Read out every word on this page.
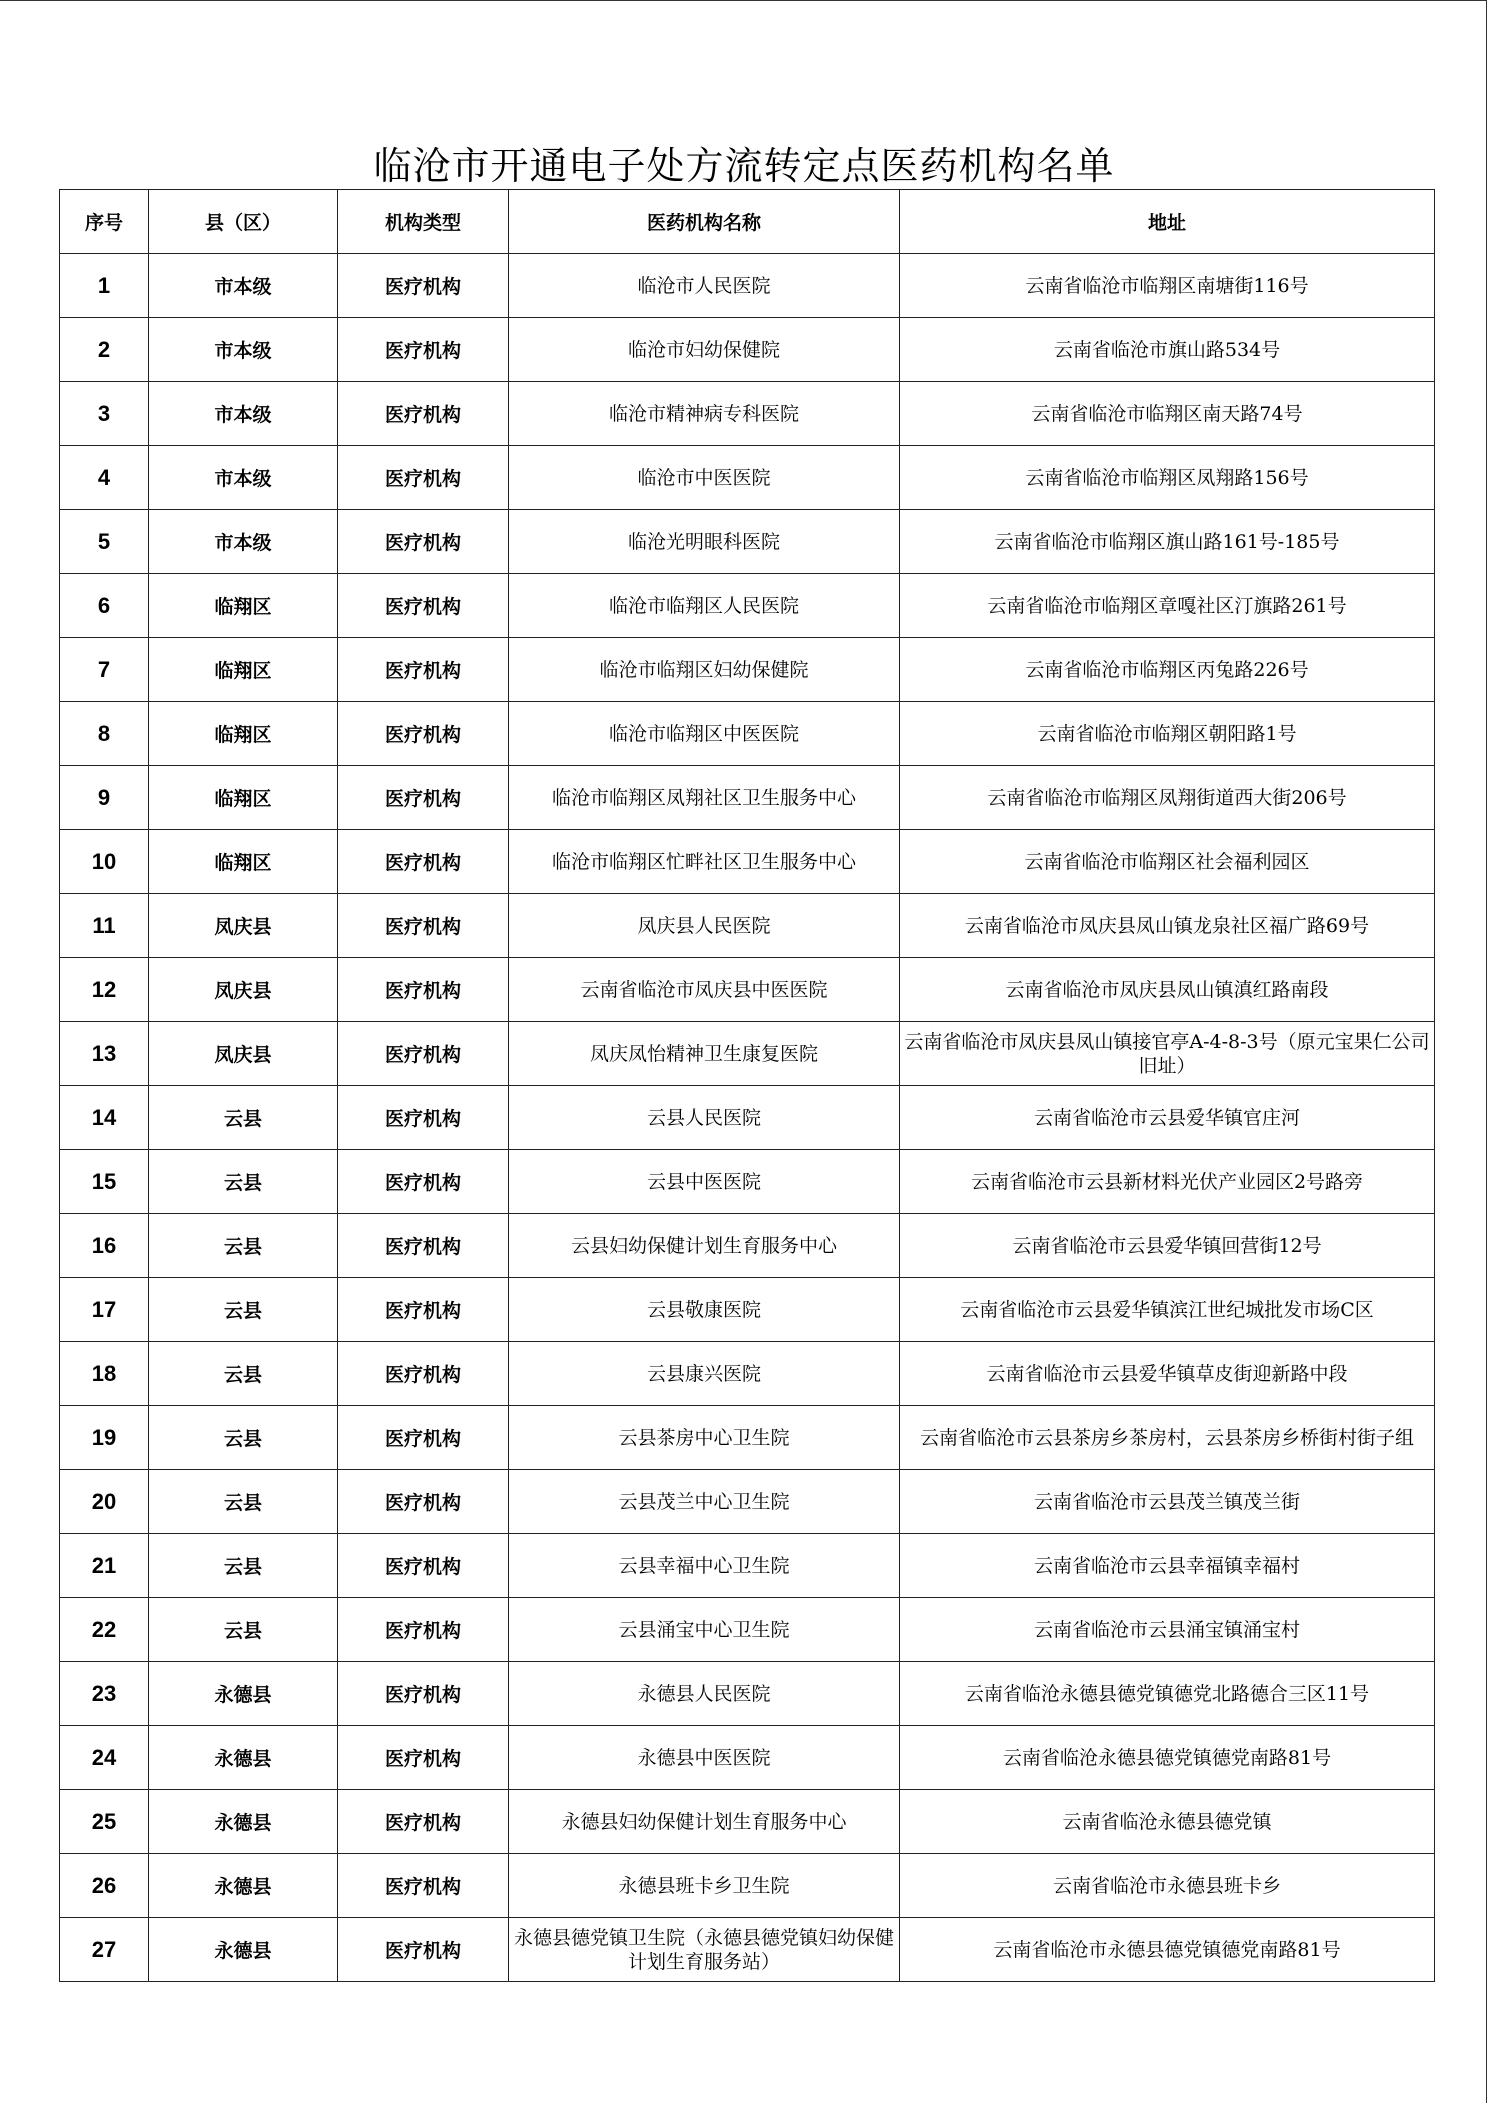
临沧市开通电子处方流转定点医药机构名单
序号	县（区）	机构类型	医药机构名称	地址
1	市本级	医疗机构	临沧市人民医院	云南省临沧市临翔区南塘街116号
2	市本级	医疗机构	临沧市妇幼保健院	云南省临沧市旗山路534号
3	市本级	医疗机构	临沧市精神病专科医院	云南省临沧市临翔区南天路74号
4	市本级	医疗机构	临沧市中医医院	云南省临沧市临翔区凤翔路156号
5	市本级	医疗机构	临沧光明眼科医院	云南省临沧市临翔区旗山路161号-185号
6	临翔区	医疗机构	临沧市临翔区人民医院	云南省临沧市临翔区章嘎社区汀旗路261号
7	临翔区	医疗机构	临沧市临翔区妇幼保健院	云南省临沧市临翔区丙兔路226号
8	临翔区	医疗机构	临沧市临翔区中医医院	云南省临沧市临翔区朝阳路1号
9	临翔区	医疗机构	临沧市临翔区凤翔社区卫生服务中心	云南省临沧市临翔区凤翔街道西大街206号
10	临翔区	医疗机构	临沧市临翔区忙畔社区卫生服务中心	云南省临沧市临翔区社会福利园区
11	凤庆县	医疗机构	凤庆县人民医院	云南省临沧市凤庆县凤山镇龙泉社区福广路69号
12	凤庆县	医疗机构	云南省临沧市凤庆县中医医院	云南省临沧市凤庆县凤山镇滇红路南段
13	凤庆县	医疗机构	凤庆凤怡精神卫生康复医院	云南省临沧市凤庆县凤山镇接官亭A-4-8-3号（原元宝果仁公司旧址）
14	云县	医疗机构	云县人民医院	云南省临沧市云县爱华镇官庄河
15	云县	医疗机构	云县中医医院	云南省临沧市云县新材料光伏产业园区2号路旁
16	云县	医疗机构	云县妇幼保健计划生育服务中心	云南省临沧市云县爱华镇回营街12号
17	云县	医疗机构	云县敬康医院	云南省临沧市云县爱华镇滨江世纪城批发市场C区
18	云县	医疗机构	云县康兴医院	云南省临沧市云县爱华镇草皮街迎新路中段
19	云县	医疗机构	云县茶房中心卫生院	云南省临沧市云县茶房乡茶房村，云县茶房乡桥街村街子组
20	云县	医疗机构	云县茂兰中心卫生院	云南省临沧市云县茂兰镇茂兰街
21	云县	医疗机构	云县幸福中心卫生院	云南省临沧市云县幸福镇幸福村
22	云县	医疗机构	云县涌宝中心卫生院	云南省临沧市云县涌宝镇涌宝村
23	永德县	医疗机构	永德县人民医院	云南省临沧永德县德党镇德党北路德合三区11号
24	永德县	医疗机构	永德县中医医院	云南省临沧永德县德党镇德党南路81号
25	永德县	医疗机构	永德县妇幼保健计划生育服务中心	云南省临沧永德县德党镇
26	永德县	医疗机构	永德县班卡乡卫生院	云南省临沧市永德县班卡乡
27	永德县	医疗机构	永德县德党镇卫生院（永德县德党镇妇幼保健计划生育服务站）	云南省临沧市永德县德党镇德党南路81号
